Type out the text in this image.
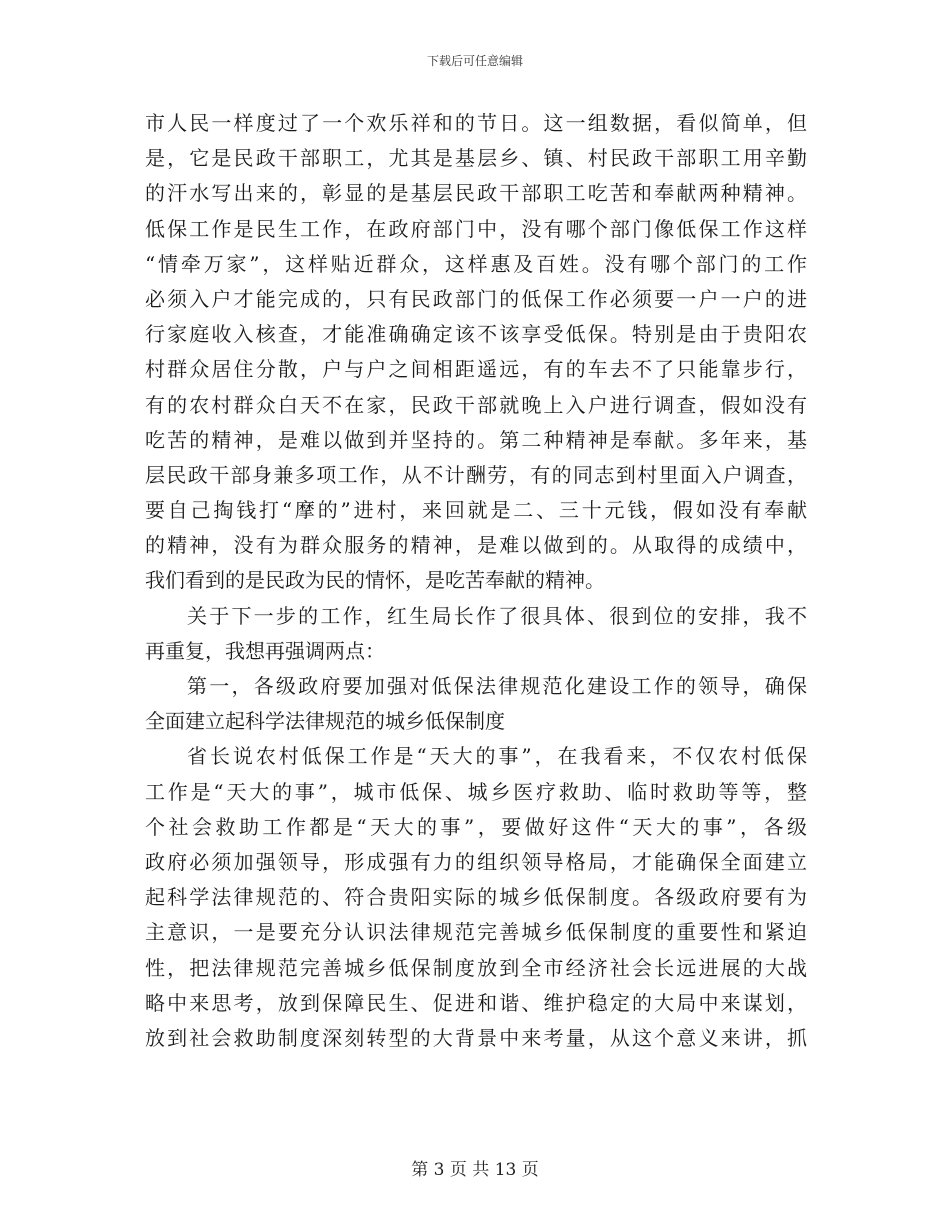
下载后可任意编辑
市人民一样度过了一个欢乐祥和的节日。这一组数据，看似简单，但
是，它是民政干部职工，尤其是基层乡、镇、村民政干部职工用辛勤
的汗水写出来的，彰显的是基层民政干部职工吃苦和奉献两种精神。
低保工作是民生工作，在政府部门中，没有哪个部门像低保工作这样
“情牵万家”，这样贴近群众，这样惠及百姓。没有哪个部门的工作
必须入户才能完成的，只有民政部门的低保工作必须要一户一户的进
行家庭收入核查，才能准确确定该不该享受低保。特别是由于贵阳农
村群众居住分散，户与户之间相距遥远，有的车去不了只能靠步行，
有的农村群众白天不在家，民政干部就晚上入户进行调查，假如没有
吃苦的精神，是难以做到并坚持的。第二种精神是奉献。多年来，基
层民政干部身兼多项工作，从不计酬劳，有的同志到村里面入户调查，
要自己掏钱打“摩的”进村，来回就是二、三十元钱，假如没有奉献
的精神，没有为群众服务的精神，是难以做到的。从取得的成绩中，
我们看到的是民政为民的情怀，是吃苦奉献的精神。
关于下一步的工作，红生局长作了很具体、很到位的安排，我不
再重复，我想再强调两点：
第一，各级政府要加强对低保法律规范化建设工作的领导，确保
全面建立起科学法律规范的城乡低保制度
省长说农村低保工作是“天大的事”，在我看来，不仅农村低保
工作是“天大的事”，城市低保、城乡医疗救助、临时救助等等，整
个社会救助工作都是“天大的事”，要做好这件“天大的事”，各级
政府必须加强领导，形成强有力的组织领导格局，才能确保全面建立
起科学法律规范的、符合贵阳实际的城乡低保制度。各级政府要有为
主意识，一是要充分认识法律规范完善城乡低保制度的重要性和紧迫
性，把法律规范完善城乡低保制度放到全市经济社会长远进展的大战
略中来思考，放到保障民生、促进和谐、维护稳定的大局中来谋划，
放到社会救助制度深刻转型的大背景中来考量，从这个意义来讲，抓
第 3 页 共 13 页
